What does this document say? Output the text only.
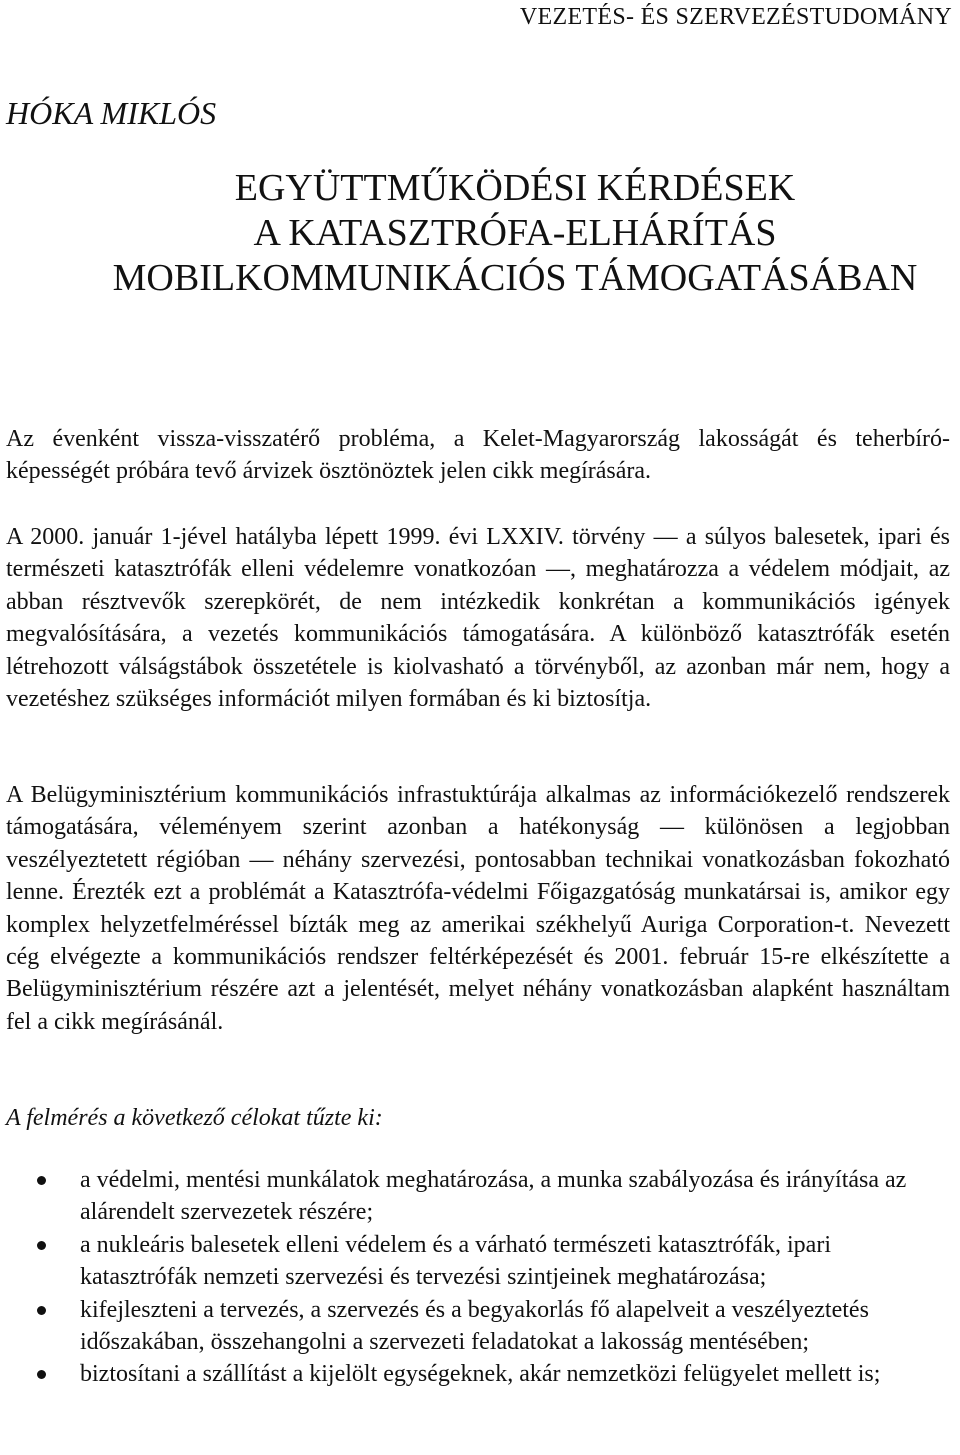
VEZETÉS- ÉS SZERVEZÉSTUDOMÁNY
HÓKA MIKLÓS
EGYÜTTMŰKÖDÉSI KÉRDÉSEK
A KATASZTRÓFA-ELHÁRÍTÁS
MOBILKOMMUNIKÁCIÓS TÁMOGATÁSÁBAN

Az évenként vissza-visszatérő probléma, a Kelet-Magyarország lakosságát és teherbíró-képességét próbára tevő árvizek ösztönöztek jelen cikk megírására.

A 2000. január 1-jével hatályba lépett 1999. évi LXXIV. törvény — a súlyos balesetek, ipari és természeti katasztrófák elleni védelemre vonatkozóan —, meghatározza a védelem módjait, az abban résztvevők szerepkörét, de nem intézkedik konkrétan a kommunikációs igények megvalósítására, a vezetés kommunikációs támogatására. A különböző katasztrófák esetén létrehozott válságstábok összetétele is kiolvasható a törvényből, az azonban már nem, hogy a vezetéshez szükséges információt milyen formában és ki biztosítja.

A Belügyminisztérium kommunikációs infrastuktúrája alkalmas az információkezelő rendszerek támogatására, véleményem szerint azonban a hatékonyság — különösen a legjobban veszélyeztetett régióban — néhány szervezési, pontosabban technikai vonatkozásban fokozható lenne. Érezték ezt a problémát a Katasztrófa-védelmi Főigazgatóság munkatársai is, amikor egy komplex helyzetfelméréssel bízták meg az amerikai székhelyű Auriga Corporation-t. Nevezett cég elvégezte a kommunikációs rendszer feltérképezését és 2001. február 15-re elkészítette a Belügyminisztérium részére azt a jelentését, melyet néhány vonatkozásban alapként használtam fel a cikk megírásánál.

A felmérés a következő célokat tűzte ki:
a védelmi, mentési munkálatok meghatározása, a munka szabályozása és irányítása az alárendelt szervezetek részére;
a nukleáris balesetek elleni védelem és a várható természeti katasztrófák, ipari katasztrófák nemzeti szervezési és tervezési szintjeinek meghatározása;
kifejleszteni a tervezés, a szervezés és a begyakorlás fő alapelveit a veszélyeztetés időszakában, összehangolni a szervezeti feladatokat a lakosság mentésében;
biztosítani a szállítást a kijelölt egységeknek, akár nemzetközi felügyelet mellett is;
